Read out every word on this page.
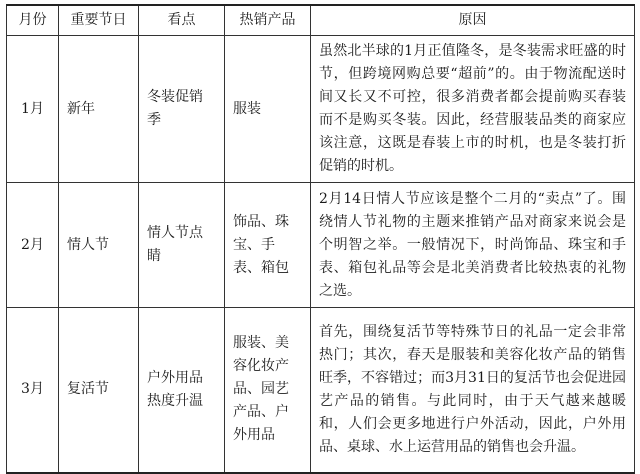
月份	重要节日	看点	热销产品	原因
1月	新年	冬装促销季	服装	虽然北半球的1月正值隆冬，是冬装需求旺盛的时节，但跨境网购总要“超前”的。由于物流配送时间又长又不可控，很多消费者都会提前购买春装而不是购买冬装。因此，经营服装品类的商家应该注意，这既是春装上市的时机，也是冬装打折促销的时机。
2月	情人节	情人节点睛	饰品、珠宝、手表、箱包	2月14日情人节应该是整个二月的“卖点”了。围绕情人节礼物的主题来推销产品对商家来说会是个明智之举。一般情况下，时尚饰品、珠宝和手表、箱包礼品等会是北美消费者比较热衷的礼物之选。
3月	复活节	户外用品热度升温	服装、美容化妆产品、园艺产品、户外用品	首先，围绕复活节等特殊节日的礼品一定会非常热门；其次，春天是服装和美容化妆产品的销售旺季，不容错过；而3月31日的复活节也会促进园艺产品的销售。与此同时，由于天气越来越暖和，人们会更多地进行户外活动，因此，户外用品、桌球、水上运营用品的销售也会升温。
